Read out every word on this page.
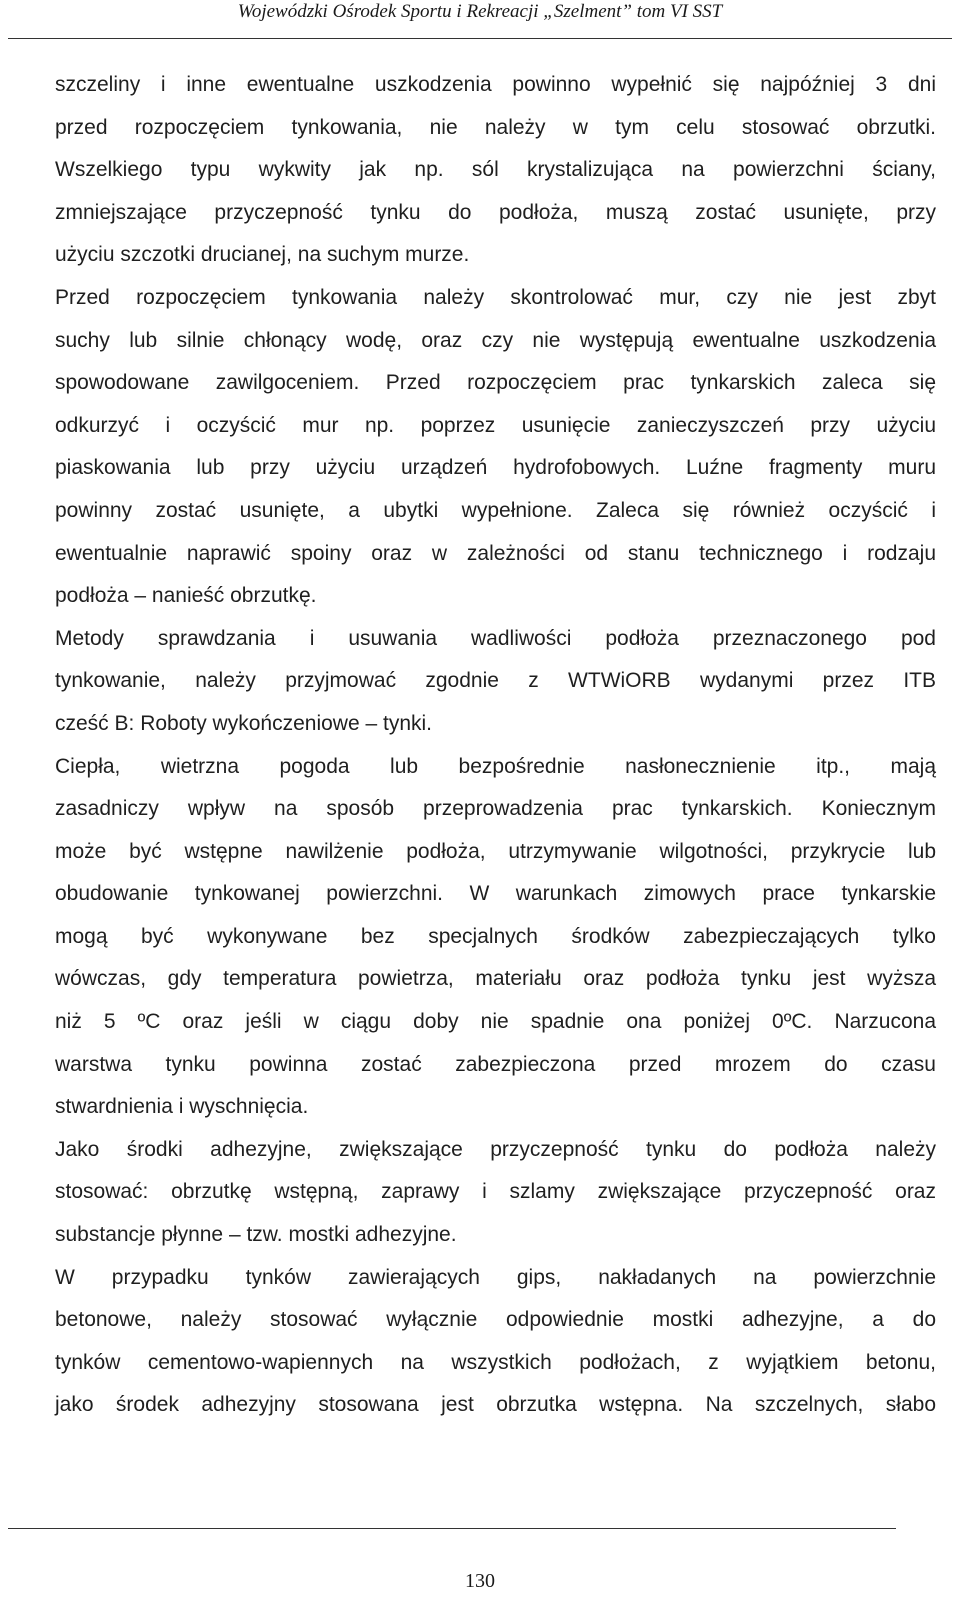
Wojewódzki Ośrodek Sportu i Rekreacji „Szelment” tom VI SST
szczeliny i inne ewentualne uszkodzenia powinno wypełnić się najpóźniej 3 dni
przed rozpoczęciem tynkowania, nie należy w tym celu stosować obrzutki.
Wszelkiego typu wykwity jak np. sól krystalizująca na powierzchni ściany,
zmniejszające przyczepność tynku do podłoża, muszą zostać usunięte, przy
użyciu szczotki drucianej, na suchym murze.
Przed rozpoczęciem tynkowania należy skontrolować mur, czy nie jest zbyt
suchy lub silnie chłonący wodę, oraz czy nie występują ewentualne uszkodzenia
spowodowane zawilgoceniem. Przed rozpoczęciem prac tynkarskich zaleca się
odkurzyć i oczyścić mur np. poprzez usunięcie zanieczyszczeń przy użyciu
piaskowania lub przy użyciu urządzeń hydrofobowych. Luźne fragmenty muru
powinny zostać usunięte, a ubytki wypełnione. Zaleca się również oczyścić i
ewentualnie naprawić spoiny oraz w zależności od stanu technicznego i rodzaju
podłoża – nanieść obrzutkę.
Metody sprawdzania i usuwania wadliwości podłoża przeznaczonego pod
tynkowanie, należy przyjmować zgodnie z WTWiORB wydanymi przez ITB
cześć B: Roboty wykończeniowe – tynki.
Ciepła, wietrzna pogoda lub bezpośrednie nasłonecznienie itp., mają
zasadniczy wpływ na sposób przeprowadzenia prac tynkarskich. Koniecznym
może być wstępne nawilżenie podłoża, utrzymywanie wilgotności, przykrycie lub
obudowanie tynkowanej powierzchni. W warunkach zimowych prace tynkarskie
mogą być wykonywane bez specjalnych środków zabezpieczających tylko
wówczas, gdy temperatura powietrza, materiału oraz podłoża tynku jest wyższa
niż 5 ºC oraz jeśli w ciągu doby nie spadnie ona poniżej 0ºC. Narzucona
warstwa tynku powinna zostać zabezpieczona przed mrozem do czasu
stwardnienia i wyschnięcia.
Jako środki adhezyjne, zwiększające przyczepność tynku do podłoża należy
stosować: obrzutkę wstępną, zaprawy i szlamy zwiększające przyczepność oraz
substancje płynne – tzw. mostki adhezyjne.
W przypadku tynków zawierających gips, nakładanych na powierzchnie
betonowe, należy stosować wyłącznie odpowiednie mostki adhezyjne, a do
tynków cementowo-wapiennych na wszystkich podłożach, z wyjątkiem betonu,
jako środek adhezyjny stosowana jest obrzutka wstępna. Na szczelnych, słabo
130
